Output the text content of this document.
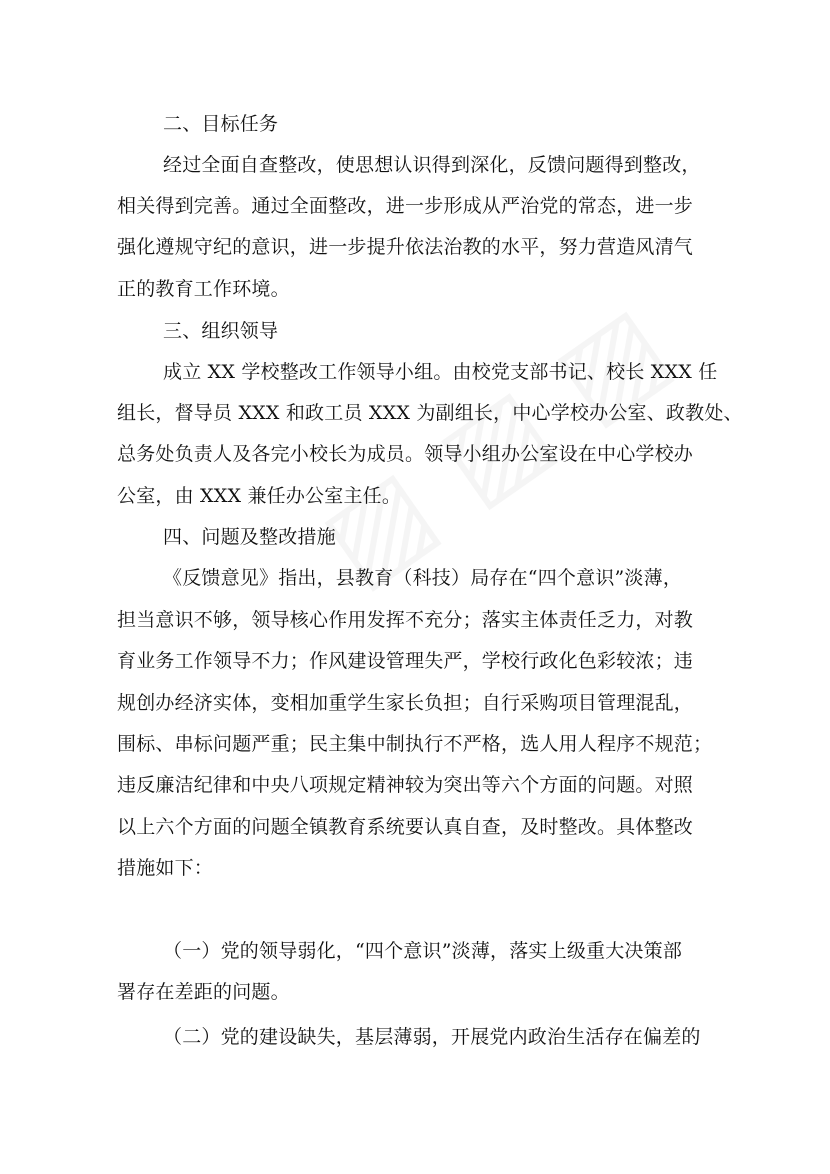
二、目标任务
经过全面自查整改，使思想认识得到深化，反馈问题得到整改，
相关得到完善。通过全面整改，进一步形成从严治党的常态，进一步
强化遵规守纪的意识，进一步提升依法治教的水平，努力营造风清气
正的教育工作环境。
三、组织领导
成立 XX 学校整改工作领导小组。由校党支部书记、校长 XXX 任
组长，督导员 XXX 和政工员 XXX 为副组长，中心学校办公室、政教处、
总务处负责人及各完小校长为成员。领导小组办公室设在中心学校办
公室，由 XXX 兼任办公室主任。
四、问题及整改措施
《反馈意见》指出，县教育（科技）局存在“四个意识”淡薄，
担当意识不够，领导核心作用发挥不充分；落实主体责任乏力，对教
育业务工作领导不力；作风建设管理失严，学校行政化色彩较浓；违
规创办经济实体，变相加重学生家长负担；自行采购项目管理混乱，
围标、串标问题严重；民主集中制执行不严格，选人用人程序不规范；
违反廉洁纪律和中央八项规定精神较为突出等六个方面的问题。对照
以上六个方面的问题全镇教育系统要认真自查，及时整改。具体整改
措施如下：
（一）党的领导弱化，“四个意识”淡薄，落实上级重大决策部
署存在差距的问题。
（二）党的建设缺失，基层薄弱，开展党内政治生活存在偏差的
